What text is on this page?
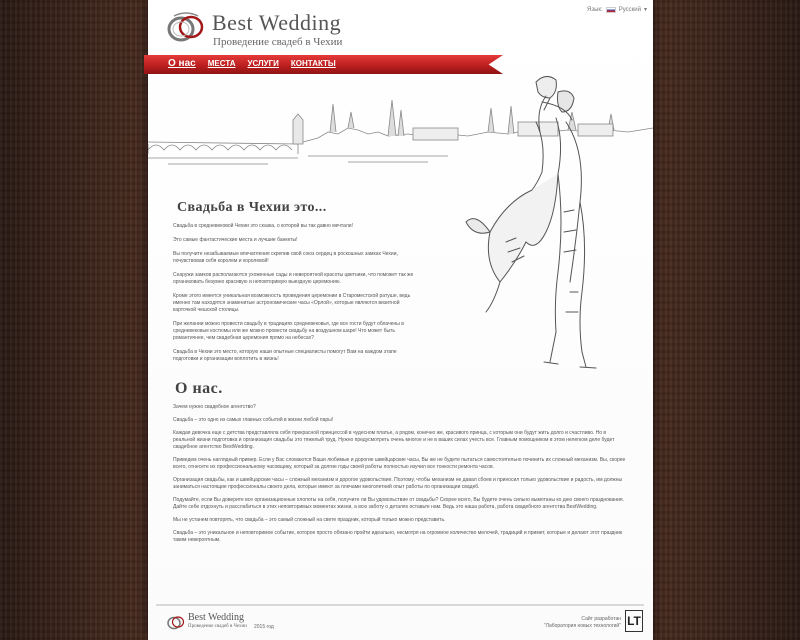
Best Wedding
Проведение свадеб в Чехии
Язык:	Русский ▾
О нас МЕСТА УСЛУГИ КОНТАКТЫ
Свадьба в Чехии это...

Свадьба в средневековой Чехии это сказка, о которой вы так давно мечтали!

Это самые фантастические места и лучшие банкеты!

Вы получите незабываемые впечатления скрепив свой союз сердец в роскошных замках Чехии, почувствовав себя королем и королевой!

Снаружи замков располагаются ухоженные сады и невероятной красоты цветники, что поможет так же организовать безумно красивую и неповторимую выездную церемонию.

Кроме этого имеется уникальная возможность проведения церемонии в Староместской ратуше, ведь именно там находятся знаменитые астрономические часы «Орлой», которые являются визитной карточкой чешской столицы.

При желании можно провести свадьбу в традициях средневековья, где все гости будут облачены в средневековые костюмы или же можно провести свадьбу на воздушном шаре! Что может быть романтичнее, чем свадебная церемония прямо на небесах?

Свадьба в Чехии это место, которую наши опытные специалисты помогут Вам на каждом этапе подготовки и организации воплотить в жизнь!

О нас.

Зачем нужно свадебное агентство?

Свадьба – это одно из самых главных событий в жизни любой пары!

Каждая девочка еще с детства представляла себя прекрасной принцессой в чудесном платье, а рядом, конечно же, красивого принца, с которым они будут жить долго и счастливо. Но в реальной жизни подготовка и организация свадьбы это тяжелый труд. Нужно предусмотреть очень многое и не в ваших силах учесть все. Главным помощником в этом нелегком деле будет свадебное агентство BestWedding.

Приведем очень наглядный пример. Если у Вас сломаются Ваши любимые и дорогие швейцарские часы, Вы же не будете пытаться самостоятельно починить их сложный механизм. Вы, скорее всего, отнесете их профессиональному часовщику, который за долгие годы своей работы полностью изучил все тонкости ремонта часов.

Организация свадьбы, как и швейцарские часы – сложный механизм и дорогое удовольствие. Поэтому, чтобы механизм не давал сбоев и приносил только удовольствие и радость, им должны заниматься настоящие профессионалы своего дела, которые имеют за плечами многолетний опыт работы по организации свадеб.

Подумайте, если Вы доверите все организационные хлопоты на себя, получите ли Вы удовольствие от свадьбы? Скорее всего, Вы будете очень сильно вымотаны ко дню своего празднования. Дайте себе отдохнуть и расслабиться в этих неповторимых моментах жизни, а всю заботу о деталях оставьте нам. Ведь это наша работа, работа свадебного агентства BestWedding.

Мы не устанем повторять, что свадьба – это самый сложный на свете праздник, который только можно представить.

Свадьба – это уникальное и неповторимое событие, которое просто обязано пройти идеально, несмотря на огромное количество мелочей, традиций и примет, которые и делают этот праздник таким невероятным.

Best Wedding
Проведение свадеб в Чехии 2015 год
Сайт разработан
"Лаборатория новых технологий" LT
